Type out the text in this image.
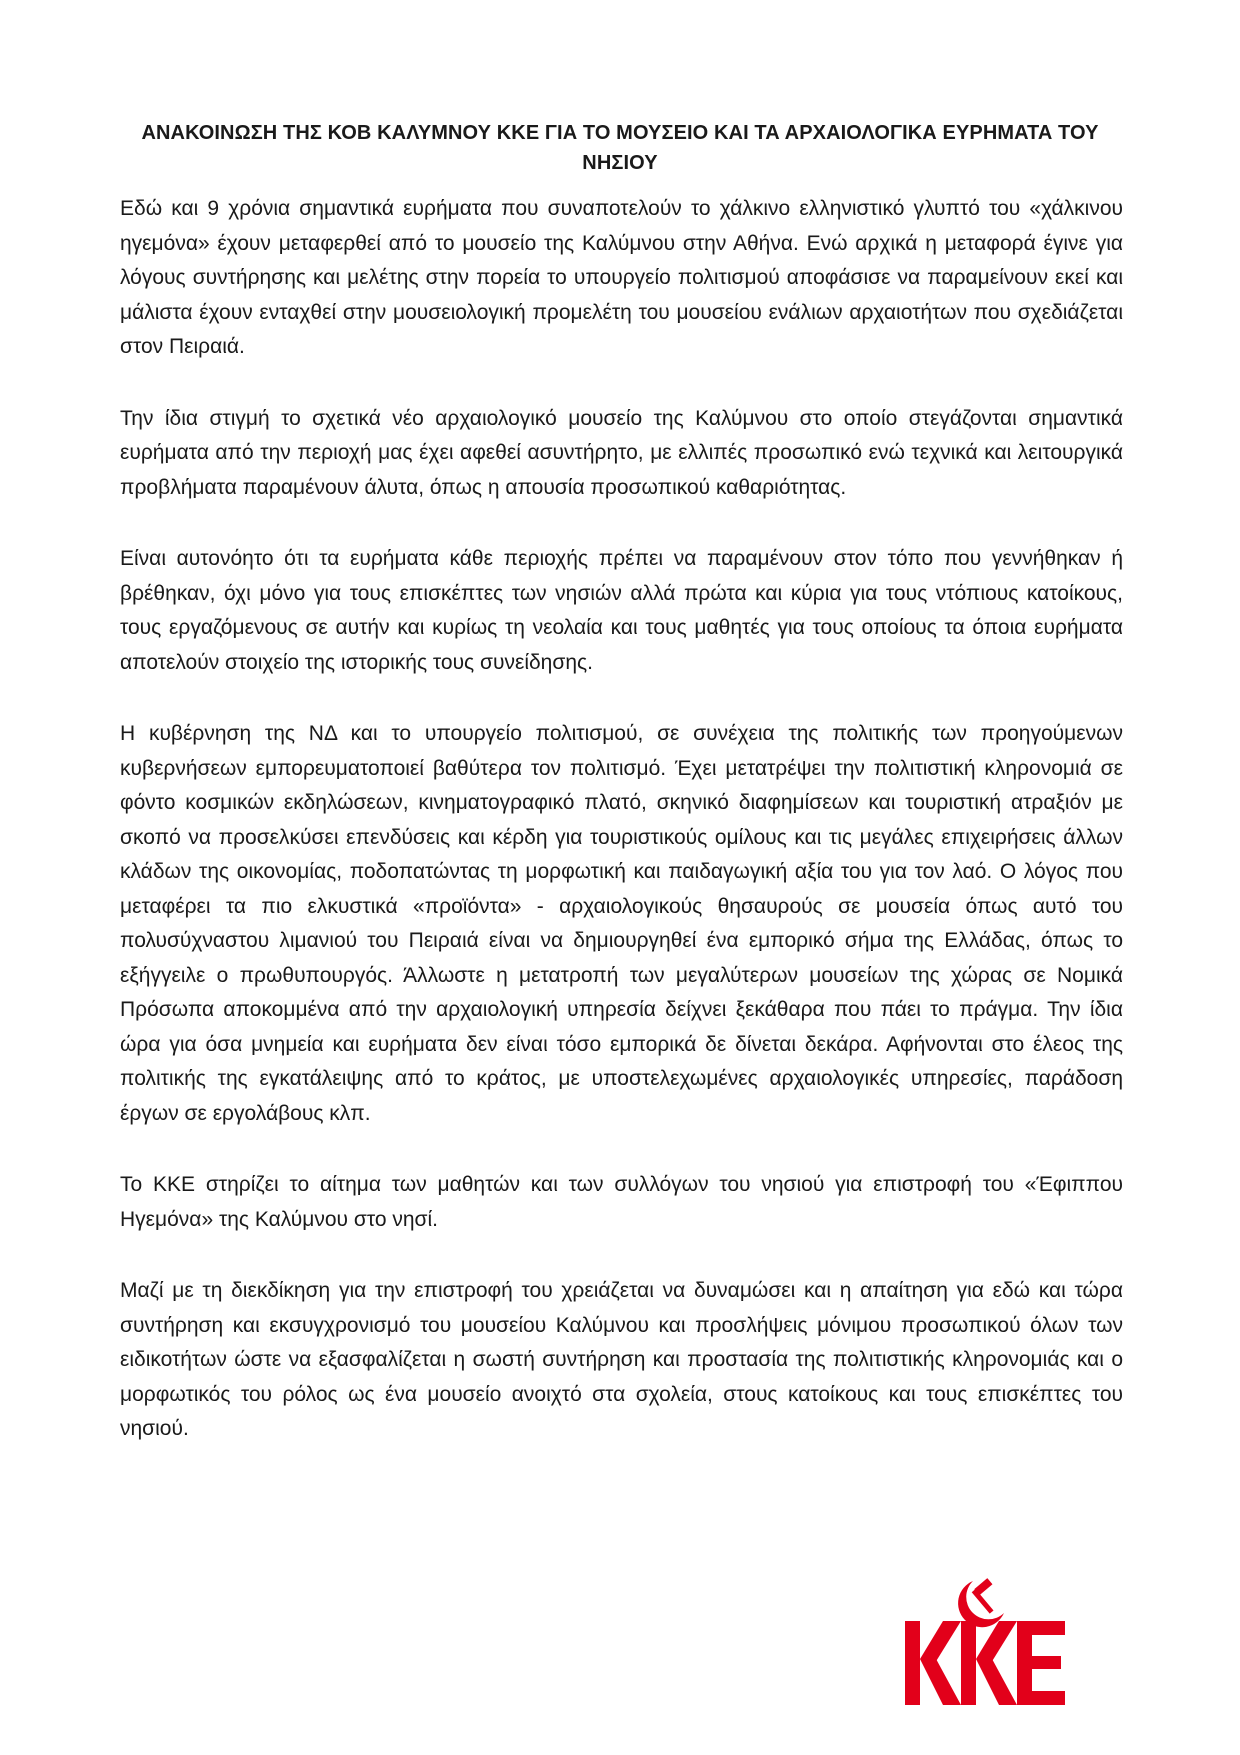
ΑΝΑΚΟΙΝΩΣΗ ΤΗΣ ΚΟΒ ΚΑΛΥΜΝΟΥ ΚΚΕ ΓΙΑ ΤΟ ΜΟΥΣΕΙΟ ΚΑΙ ΤΑ ΑΡΧΑΙΟΛΟΓΙΚΑ ΕΥΡΗΜΑΤΑ ΤΟΥ ΝΗΣΙΟΥ

Εδώ και 9 χρόνια σημαντικά ευρήματα που συναποτελούν το χάλκινο ελληνιστικό γλυπτό του «χάλκινου ηγεμόνα» έχουν μεταφερθεί από το μουσείο της Καλύμνου στην Αθήνα. Ενώ αρχικά η μεταφορά έγινε για λόγους συντήρησης και μελέτης στην πορεία το υπουργείο πολιτισμού αποφάσισε να παραμείνουν εκεί και μάλιστα έχουν ενταχθεί στην μουσειολογική προμελέτη του μουσείου ενάλιων αρχαιοτήτων που σχεδιάζεται στον Πειραιά.

Την ίδια στιγμή το σχετικά νέο αρχαιολογικό μουσείο της Καλύμνου στο οποίο στεγάζονται σημαντικά ευρήματα από την περιοχή μας έχει αφεθεί ασυντήρητο, με ελλιπές προσωπικό ενώ τεχνικά και λειτουργικά προβλήματα παραμένουν άλυτα, όπως η απουσία προσωπικού καθαριότητας.

Είναι αυτονόητο ότι τα ευρήματα κάθε περιοχής πρέπει να παραμένουν στον τόπο που γεννήθηκαν ή βρέθηκαν, όχι μόνο για τους επισκέπτες των νησιών αλλά πρώτα και κύρια για τους ντόπιους κατοίκους, τους εργαζόμενους σε αυτήν και κυρίως τη νεολαία και τους μαθητές για τους οποίους τα όποια ευρήματα αποτελούν στοιχείο της ιστορικής τους συνείδησης.

Η κυβέρνηση της ΝΔ και το υπουργείο πολιτισμού, σε συνέχεια της πολιτικής των προηγούμενων κυβερνήσεων εμπορευματοποιεί βαθύτερα τον πολιτισμό. Έχει μετατρέψει την πολιτιστική κληρονομιά σε φόντο κοσμικών εκδηλώσεων, κινηματογραφικό πλατό, σκηνικό διαφημίσεων και τουριστική ατραξιόν με σκοπό να προσελκύσει επενδύσεις και κέρδη για τουριστικούς ομίλους και τις μεγάλες επιχειρήσεις άλλων κλάδων της οικονομίας, ποδοπατώντας τη μορφωτική και παιδαγωγική αξία του για τον λαό. Ο λόγος που μεταφέρει τα πιο ελκυστικά «προϊόντα» - αρχαιολογικούς θησαυρούς σε μουσεία όπως αυτό του πολυσύχναστου λιμανιού του Πειραιά είναι να δημιουργηθεί ένα εμπορικό σήμα της Ελλάδας, όπως το εξήγγειλε ο πρωθυπουργός. Άλλωστε η μετατροπή των μεγαλύτερων μουσείων της χώρας σε Νομικά Πρόσωπα αποκομμένα από την αρχαιολογική υπηρεσία δείχνει ξεκάθαρα που πάει το πράγμα. Την ίδια ώρα για όσα μνημεία και ευρήματα δεν είναι τόσο εμπορικά δε δίνεται δεκάρα. Αφήνονται στο έλεος της πολιτικής της εγκατάλειψης από το κράτος, με υποστελεχωμένες αρχαιολογικές υπηρεσίες, παράδοση έργων σε εργολάβους κλπ.

Το ΚΚΕ στηρίζει το αίτημα των μαθητών και των συλλόγων του νησιού για επιστροφή του «Έφιππου Ηγεμόνα» της Καλύμνου στο νησί.

Μαζί με τη διεκδίκηση για την επιστροφή του χρειάζεται να δυναμώσει και η απαίτηση για εδώ και τώρα συντήρηση και εκσυγχρονισμό του μουσείου Καλύμνου και προσλήψεις μόνιμου προσωπικού όλων των ειδικοτήτων ώστε να εξασφαλίζεται η σωστή συντήρηση και προστασία της πολιτιστικής κληρονομιάς και ο μορφωτικός του ρόλος ως ένα μουσείο ανοιχτό στα σχολεία, στους κατοίκους και τους επισκέπτες του νησιού.
